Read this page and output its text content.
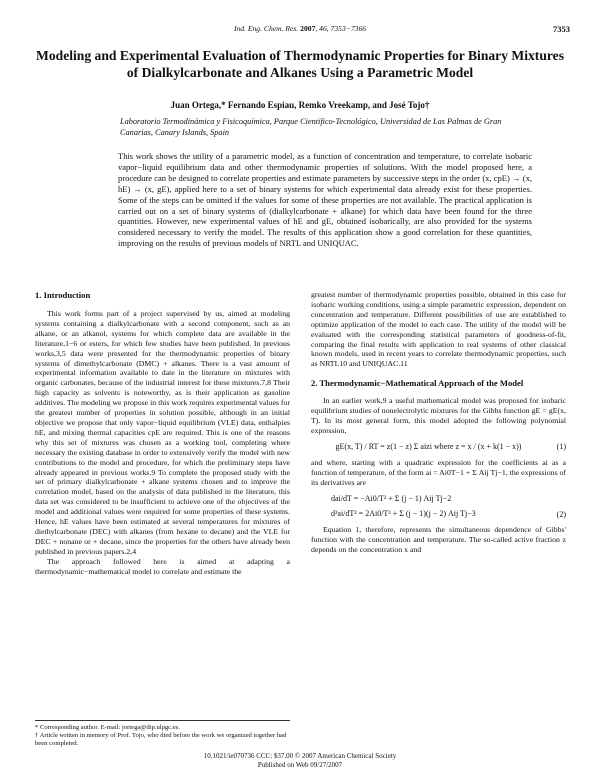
Ind. Eng. Chem. Res. 2007, 46, 7353−7366	7353
Modeling and Experimental Evaluation of Thermodynamic Properties for Binary Mixtures of Dialkylcarbonate and Alkanes Using a Parametric Model
Juan Ortega,* Fernando Espiau, Remko Vreekamp, and José Tojo†
Laboratorio Termodinámica y Fisicoquímica, Parque Científico-Tecnológico, Universidad de Las Palmas de Gran Canarias, Canary Islands, Spain
This work shows the utility of a parametric model, as a function of concentration and temperature, to correlate isobaric vapor−liquid equilibrium data and other thermodynamic properties of solutions. With the model proposed here, a procedure can be designed to correlate properties and estimate parameters by successive steps in the order (x, cpE) → (x, hE) → (x, gE), applied here to a set of binary systems for which experimental data already exist for these properties. Some of the steps can be omitted if the values for some of these properties are not available. The practical application is carried out on a set of binary systems of (dialkylcarbonate + alkane) for which data have been found for the three quantities. However, new experimental values of hE and gE, obtained isobarically, are also provided for the systems considered necessary to verify the model. The results of this application show a good correlation for these quantities, improving on the results of previous models of NRTL and UNIQUAC.
1. Introduction

This work forms part of a project supervised by us, aimed at modeling systems containing a dialkylcarbonate with a second component, such as an alkane, or an alkanol, systems for which complete data are available in the literature,1−6 or esters, for which few studies have been published. In previous works,3,5 data were presented for the thermodynamic properties of binary systems of dimethylcarbonate (DMC) + alkanes. There is a vast amount of experimental information available to date in the literature on mixtures with organic carbonates, because of the industrial interest for these mixtures.7,8 Their high capacity as solvents is noteworthy, as is their application as gasoline additives. The modeling we propose in this work requires experimental values for the greatest number of properties in solution possible, although in an initial objective we propose that only vapor−liquid equilibrium (VLE) data, enthalpies hE, and mixing thermal capacities cpE are required. This is one of the reasons why this set of mixtures was chosen as a working tool, completing where necessary the existing database in order to extensively verify the model with new contributions to the model and procedure, for which the preliminary steps have already appeared in previous works.9 To complete the proposed study with the set of primary dialkylcarbonate + alkane systems chosen and to improve the correlation model, based on the analysis of data published in the literature, this data set was considered to be insufficient to achieve one of the objectives of the model and additional values were required for some properties of these systems. Hence, hE values have been estimated at several temperatures for mixtures of diethylcarbonate (DEC) with alkanes (from hexane to decane) and the VLE for DEC + nonane or + decane, since the properties for the others have already been published in previous papers.2,4

The approach followed here is aimed at adapting a thermodynamic−mathematical model to correlate and estimate the

greatest number of thermodynamic properties possible, obtained in this case for isobaric working conditions, using a simple parametric expression, dependent on concentration and temperature. Different possibilities of use are established to optimize application of the model to each case. The utility of the model will be evaluated with the corresponding statistical parameters of goodness-of-fit, comparing the final results with application to real systems of other classical known models, used in recent years to correlate thermodynamic properties, such as NRTL10 and UNIQUAC.11

2. Thermodynamic−Mathematical Approach of the Model

In an earlier work,9 a useful mathematical model was proposed for isobaric equilibrium studies of nonelectrolytic mixtures for the Gibbs function gE = gE(x, T). In its most general form, this model adopted the following polynomial expression,

gE(x, T) / RT = z(1 − z) Σ aizi where z = x / (x + k(1 − x))	(1)

and where, starting with a quadratic expression for the coefficients ai as a function of temperature, of the form ai = Ai0T−1 + Σ Aij Tj−1, the expressions of its derivatives are

dai/dT = −Ai0/T² + Σ (j − 1) Aij Tj−2
d²ai/dT² = 2Ai0/T³ + Σ (j − 1)(j − 2) Aij Tj−3	(2)

Equation 1, therefore, represents the simultaneous dependence of Gibbs' function with the concentration and temperature. The so-called active fraction z depends on the concentration x and

* Corresponding author. E-mail: jortega@dip.ulpgc.es.
† Article written in memory of Prof. Tojo, who died before the work we organized together had been completed.
10.1021/ie070736 CCC: $37.00 © 2007 American Chemical Society
Published on Web 09/27/2007
